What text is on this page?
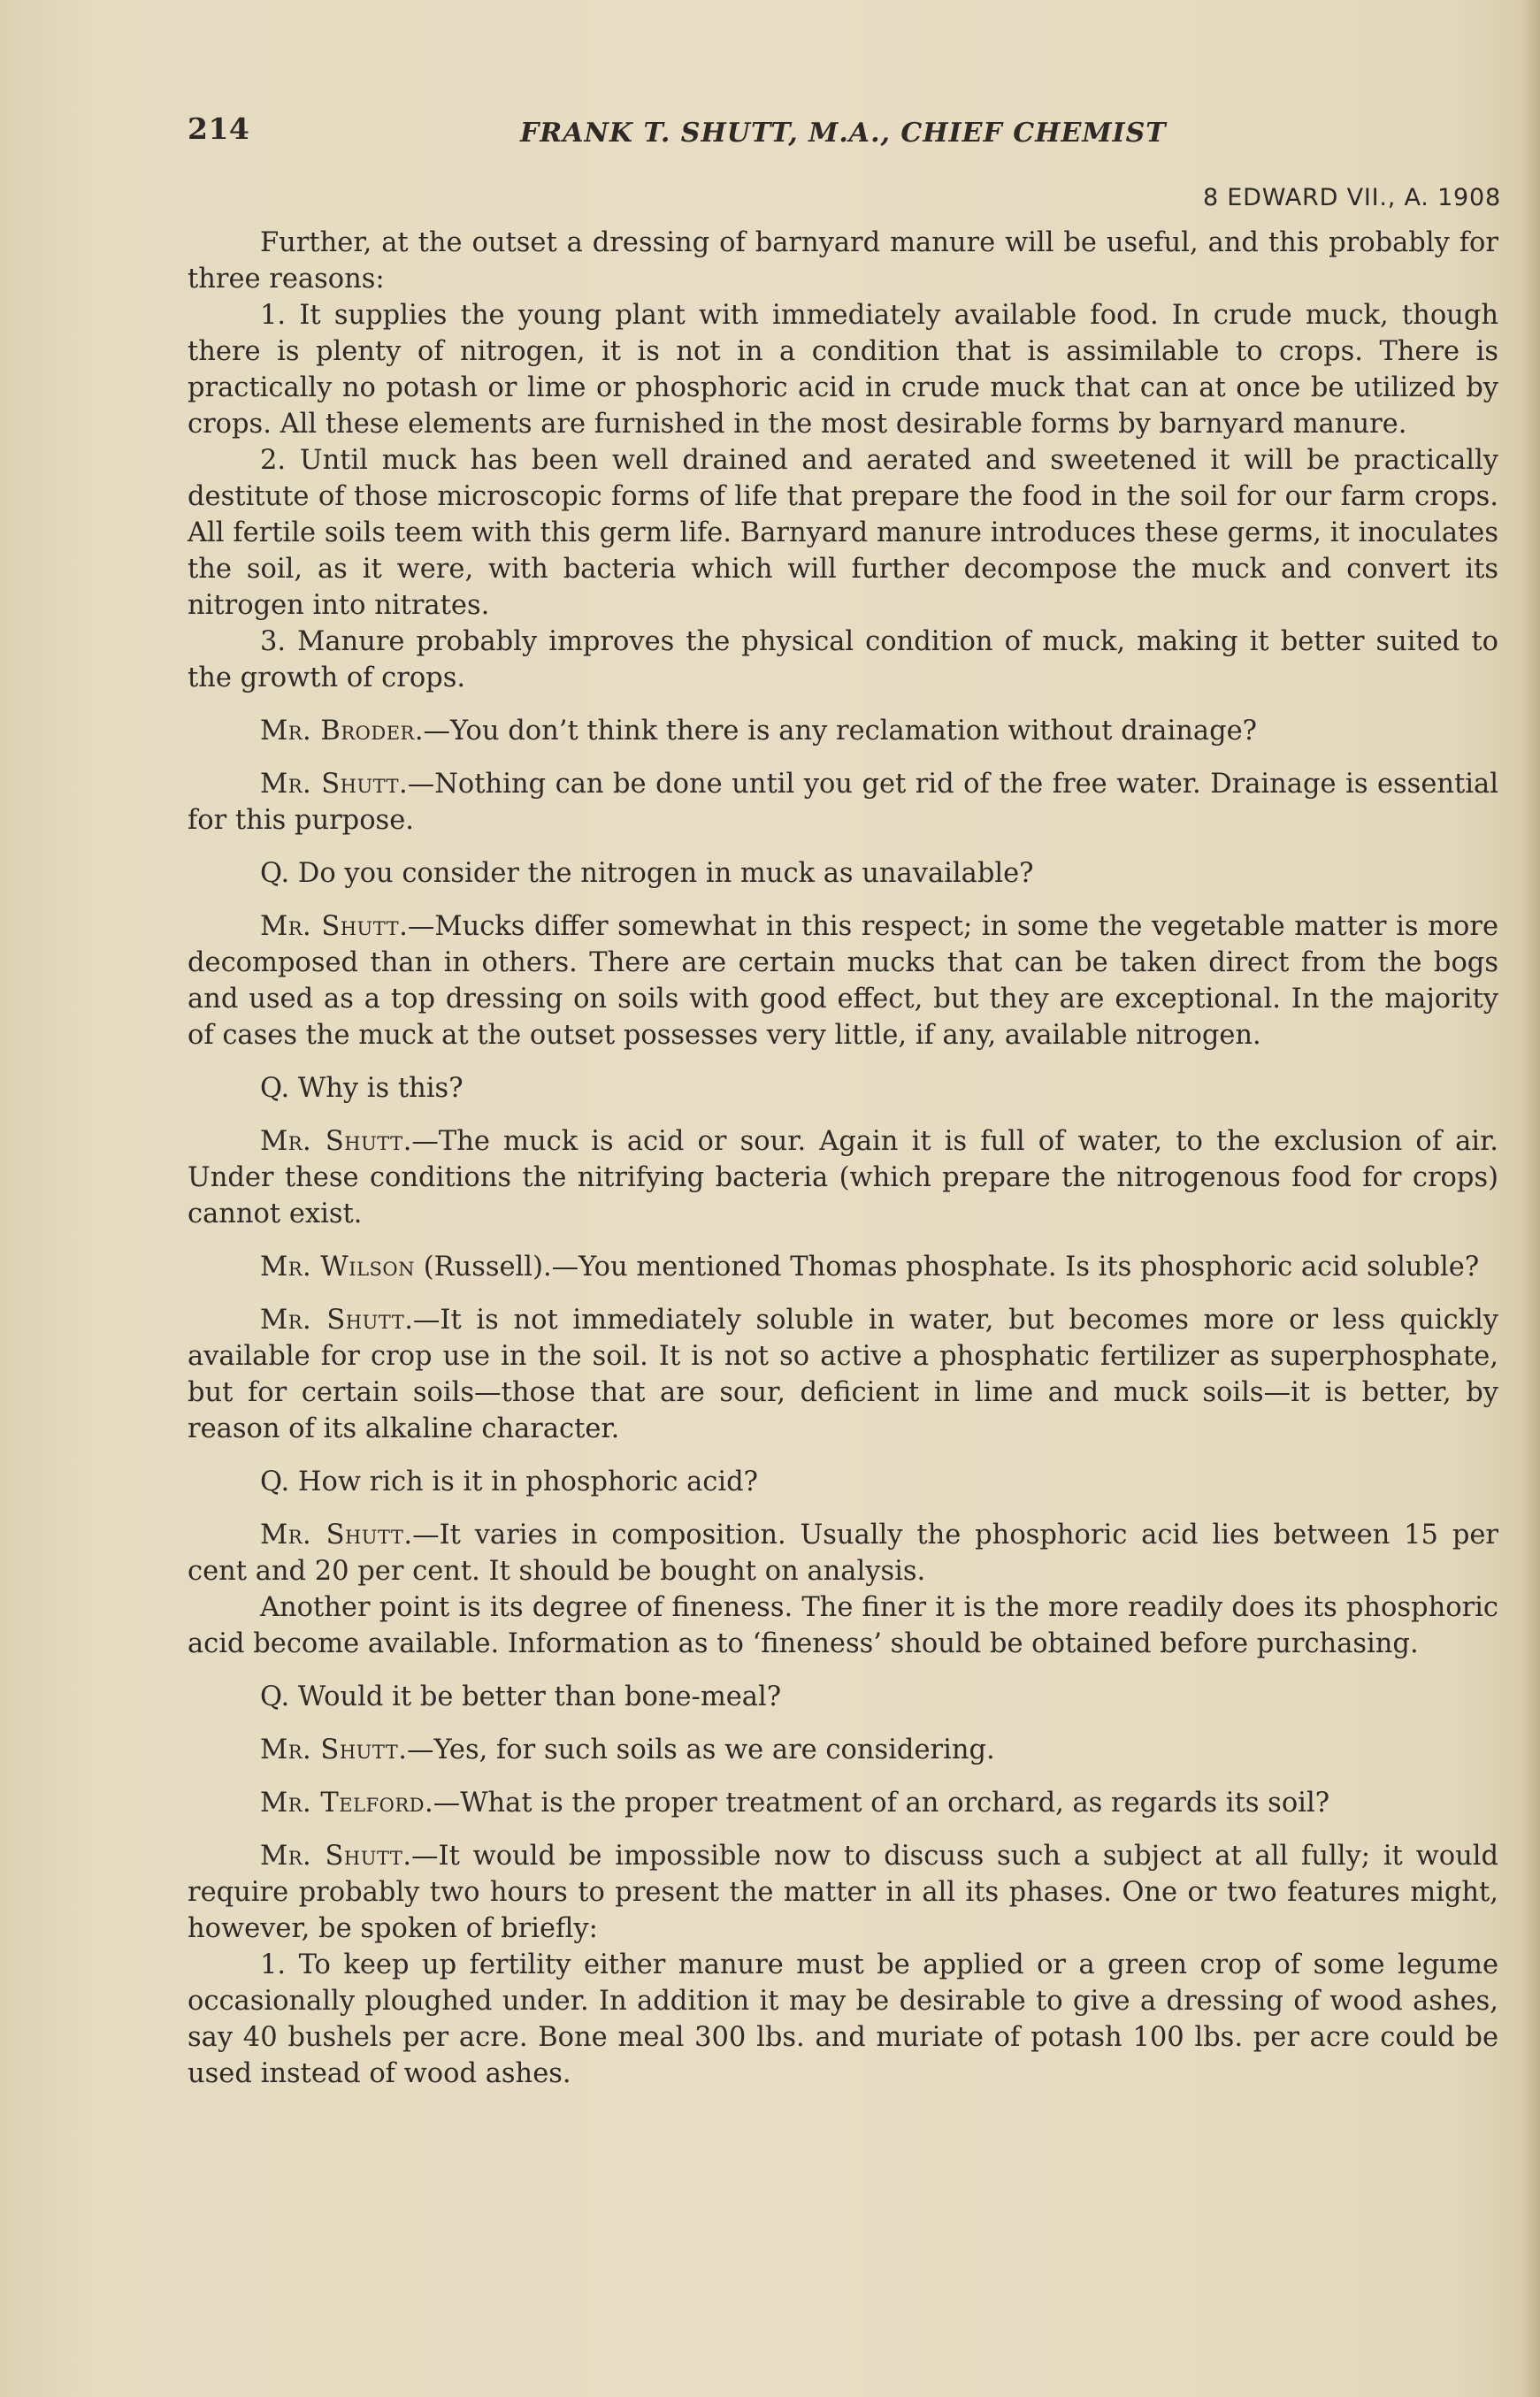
214	FRANK T. SHUTT, M.A., CHIEF CHEMIST
8 EDWARD VII., A. 1908

Further, at the outset a dressing of barnyard manure will be useful, and this probably for three reasons:

1. It supplies the young plant with immediately available food. In crude muck, though there is plenty of nitrogen, it is not in a condition that is assimilable to crops. There is practically no potash or lime or phosphoric acid in crude muck that can at once be utilized by crops. All these elements are furnished in the most desirable forms by barnyard manure.

2. Until muck has been well drained and aerated and sweetened it will be practically destitute of those microscopic forms of life that prepare the food in the soil for our farm crops. All fertile soils teem with this germ life. Barnyard manure introduces these germs, it inoculates the soil, as it were, with bacteria which will further decompose the muck and convert its nitrogen into nitrates.

3. Manure probably improves the physical condition of muck, making it better suited to the growth of crops.

Mr. Broder.—You don’t think there is any reclamation without drainage?

Mr. Shutt.—Nothing can be done until you get rid of the free water. Drainage is essential for this purpose.

Q. Do you consider the nitrogen in muck as unavailable?

Mr. Shutt.—Mucks differ somewhat in this respect; in some the vegetable matter is more decomposed than in others. There are certain mucks that can be taken direct from the bogs and used as a top dressing on soils with good effect, but they are exceptional. In the majority of cases the muck at the outset possesses very little, if any, available nitrogen.

Q. Why is this?

Mr. Shutt.—The muck is acid or sour. Again it is full of water, to the exclusion of air. Under these conditions the nitrifying bacteria (which prepare the nitrogenous food for crops) cannot exist.

Mr. Wilson (Russell).—You mentioned Thomas phosphate. Is its phosphoric acid soluble?

Mr. Shutt.—It is not immediately soluble in water, but becomes more or less quickly available for crop use in the soil. It is not so active a phosphatic fertilizer as superphosphate, but for certain soils—those that are sour, deficient in lime and muck soils—it is better, by reason of its alkaline character.

Q. How rich is it in phosphoric acid?

Mr. Shutt.—It varies in composition. Usually the phosphoric acid lies between 15 per cent and 20 per cent. It should be bought on analysis.

Another point is its degree of fineness. The finer it is the more readily does its phosphoric acid become available. Information as to ‘fineness’ should be obtained before purchasing.

Q. Would it be better than bone-meal?

Mr. Shutt.—Yes, for such soils as we are considering.

Mr. Telford.—What is the proper treatment of an orchard, as regards its soil?

Mr. Shutt.—It would be impossible now to discuss such a subject at all fully; it would require probably two hours to present the matter in all its phases. One or two features might, however, be spoken of briefly:

1. To keep up fertility either manure must be applied or a green crop of some legume occasionally ploughed under. In addition it may be desirable to give a dressing of wood ashes, say 40 bushels per acre. Bone meal 300 lbs. and muriate of potash 100 lbs. per acre could be used instead of wood ashes.
